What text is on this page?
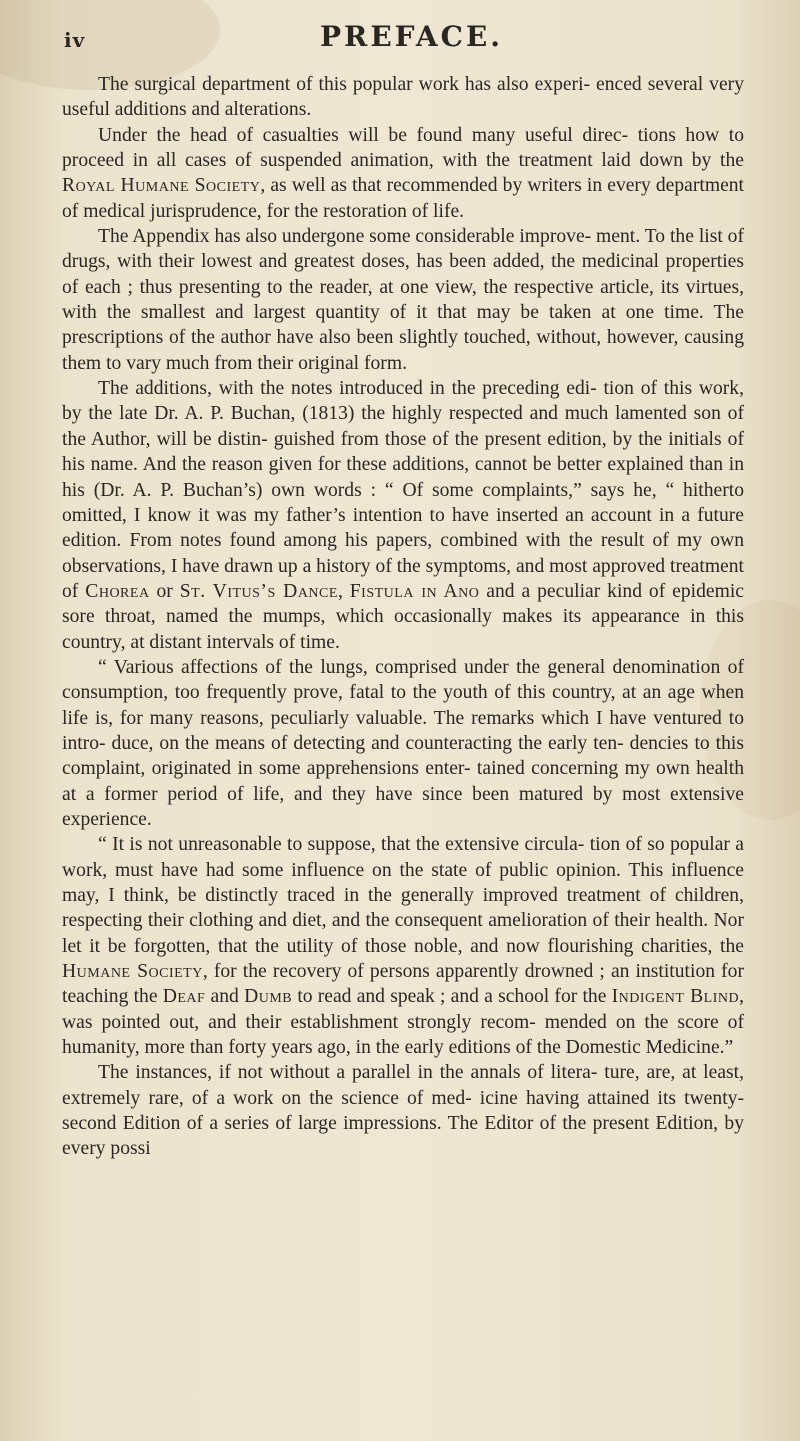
iv	PREFACE.

The surgical department of this popular work has also experi- enced several very useful additions and alterations.

Under the head of casualties will be found many useful direc- tions how to proceed in all cases of suspended animation, with the treatment laid down by the Royal Humane Society, as well as that recommended by writers in every department of medical jurisprudence, for the restoration of life.

The Appendix has also undergone some considerable improve- ment. To the list of drugs, with their lowest and greatest doses, has been added, the medicinal properties of each ; thus presenting to the reader, at one view, the respective article, its virtues, with the smallest and largest quantity of it that may be taken at one time. The prescriptions of the author have also been slightly touched, without, however, causing them to vary much from their original form.

The additions, with the notes introduced in the preceding edi- tion of this work, by the late Dr. A. P. Buchan, (1813) the highly respected and much lamented son of the Author, will be distin- guished from those of the present edition, by the initials of his name. And the reason given for these additions, cannot be better explained than in his (Dr. A. P. Buchan’s) own words : “ Of some complaints,” says he, “ hitherto omitted, I know it was my father’s intention to have inserted an account in a future edition. From notes found among his papers, combined with the result of my own observations, I have drawn up a history of the symptoms, and most approved treatment of Chorea or St. Vitus’s Dance, Fistula in Ano and a peculiar kind of epidemic sore throat, named the mumps, which occasionally makes its appearance in this country, at distant intervals of time.

“ Various affections of the lungs, comprised under the general denomination of consumption, too frequently prove, fatal to the youth of this country, at an age when life is, for many reasons, peculiarly valuable. The remarks which I have ventured to intro- duce, on the means of detecting and counteracting the early ten- dencies to this complaint, originated in some apprehensions enter- tained concerning my own health at a former period of life, and they have since been matured by most extensive experience.

“ It is not unreasonable to suppose, that the extensive circula- tion of so popular a work, must have had some influence on the state of public opinion. This influence may, I think, be distinctly traced in the generally improved treatment of children, respecting their clothing and diet, and the consequent amelioration of their health. Nor let it be forgotten, that the utility of those noble, and now flourishing charities, the Humane Society, for the recovery of persons apparently drowned ; an institution for teaching the Deaf and Dumb to read and speak ; and a school for the Indigent Blind, was pointed out, and their establishment strongly recom- mended on the score of humanity, more than forty years ago, in the early editions of the Domestic Medicine.”

The instances, if not without a parallel in the annals of litera- ture, are, at least, extremely rare, of a work on the science of med- icine having attained its twenty-second Edition of a series of large impressions. The Editor of the present Edition, by every possi
